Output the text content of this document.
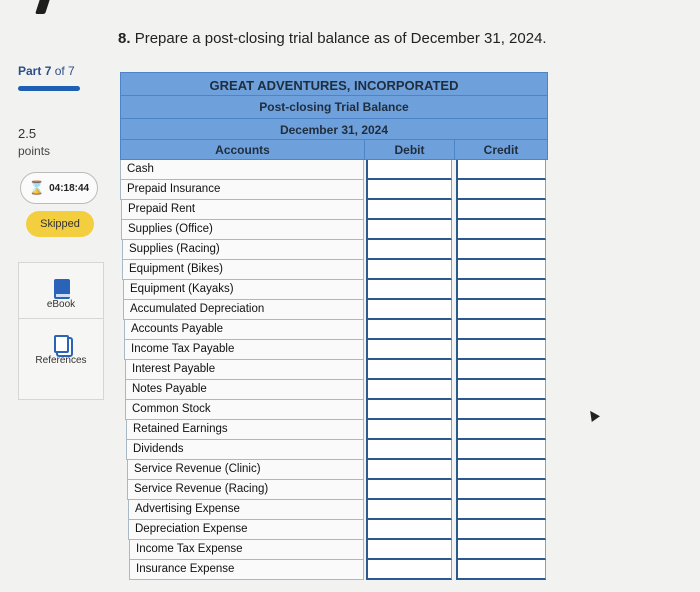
Part 7 of 7
2.5
points
⌛ 04:18:44
Skipped
eBook
References
8. Prepare a post-closing trial balance as of December 31, 2024.
GREAT ADVENTURES, INCORPORATED
Post-closing Trial Balance
December 31, 2024
Accounts	Debit	Credit
Cash
Prepaid Insurance
Prepaid Rent
Supplies (Office)
Supplies (Racing)
Equipment (Bikes)
Equipment (Kayaks)
Accumulated Depreciation
Accounts Payable
Income Tax Payable
Interest Payable
Notes Payable
Common Stock
Retained Earnings
Dividends
Service Revenue (Clinic)
Service Revenue (Racing)
Advertising Expense
Depreciation Expense
Income Tax Expense
Insurance Expense
